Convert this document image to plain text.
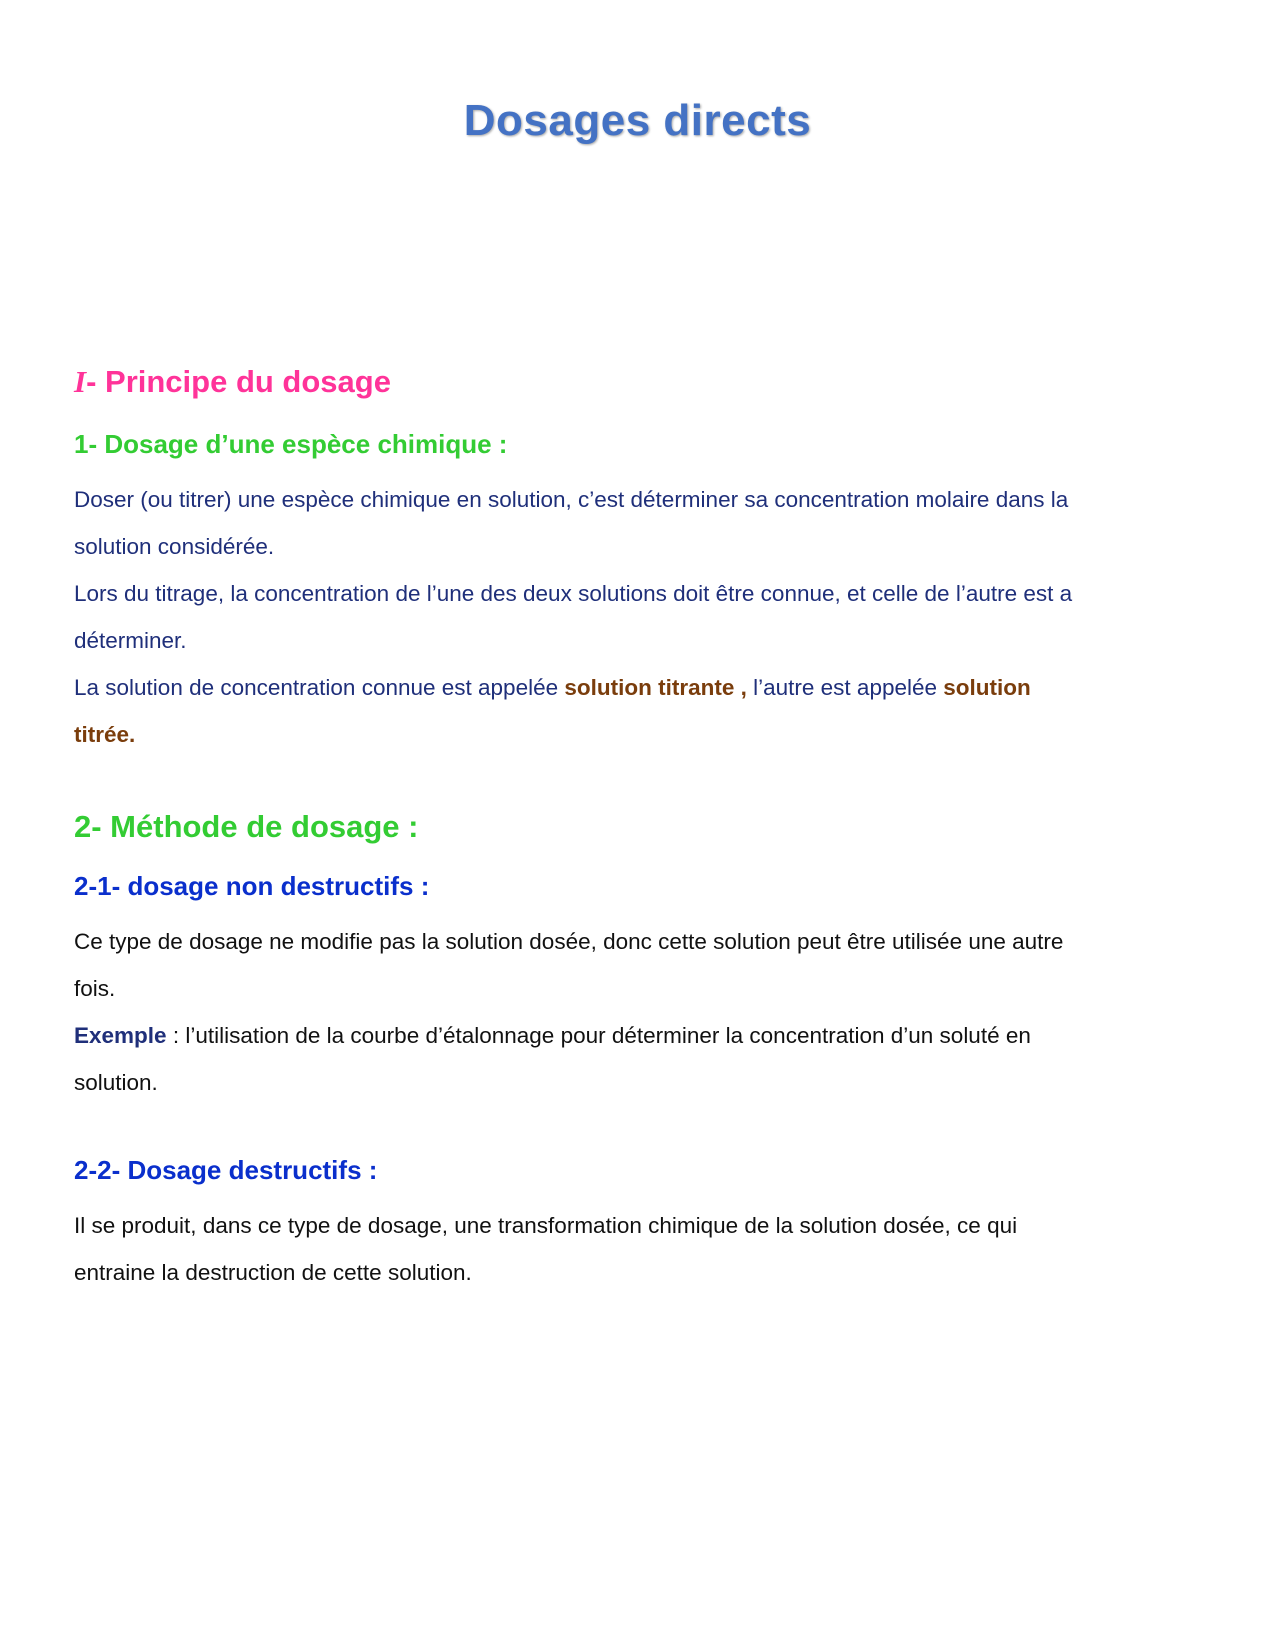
Dosages directs
I- Principe du dosage
1- Dosage d’une espèce chimique :

Doser (ou titrer) une espèce chimique en solution, c’est déterminer sa concentration molaire dans la
solution considérée.
Lors du titrage, la concentration de l’une des deux solutions doit être connue, et celle de l’autre est a
déterminer.
La solution de concentration connue est appelée solution titrante , l’autre est appelée solution
titrée.

2- Méthode de dosage :
2-1- dosage non destructifs :

Ce type de dosage ne modifie pas la solution dosée, donc cette solution peut être utilisée une autre
fois.
Exemple : l’utilisation de la courbe d’étalonnage pour déterminer la concentration d’un soluté en
solution.

2-2- Dosage destructifs :

Il se produit, dans ce type de dosage, une transformation chimique de la solution dosée, ce qui
entraine la destruction de cette solution.
